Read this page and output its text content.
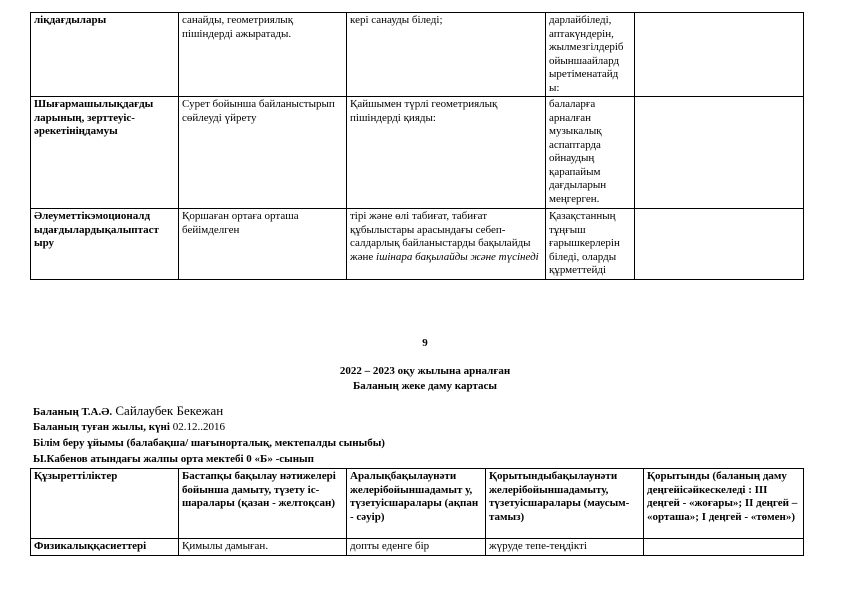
ліқдағдылары	санайды, геометриялық пішіндерді ажыратады.	кері санауды біледі;	дарлайбіледі, аптакүндерін, жылмезгілдеріб ойыншаайлард ыретіменатайд ы:	
Шығармашылықдағды ларының, зерттеуіс-әрекетініңдамуы	Сурет бойынша байланыстырып сөйлеуді үйрету	Қайшымен түрлі геометриялық пішіндерді қияды:	балаларға арналған музыкалық аспаптарда ойнаудың қарапайым дағдыларын меңгерген.	
Әлеуметтікэмоционалд ыдағдылардықалыптаст ыру	Қоршаған ортаға орташа бейімделген	тірі және өлі табиғат, табиғат құбылыстары арасындағы себеп-салдарлық байланыстарды бақылайды және ішінара бақылайды және түсінеді	Қазақстанның тұңғыш ғарышкерлерін біледі, оларды құрметтейді	
9
2022 – 2023 оқу жылына арналған
Баланың жеке даму картасы
Баланың Т.А.Ә. Сайлаубек Бекежан
Баланың туған жылы, күні 02.12..2016
Білім беру ұйымы (балабақша/ шағынорталық, мектепалды сыныбы)
Ы.Кабенов атындағы жалпы орта мектебі 0 «Б» -сынып
Құзыреттіліктер	Бастапқы бақылау нәтижелері бойынша дамыту, түзету іс-шаралары (қазан - желтоқсан)	Аралықбақылаунәти желерібойыншадамыт у, түзетуісшаралары (ақпан - сәуір)	Қорытындыбақылаунәти желерібойыншадамыту, түзетуісшаралары (маусым-тамыз)	Қорытынды (баланың даму деңгейісәйкескеледі : III деңгей - «жоғары»; II деңгей – «орташа»; І деңгей - «төмен»)
Физикалыққасиеттері	Қимылы дамыған.	допты еденге бір	жүруде тепе-теңдікті	
